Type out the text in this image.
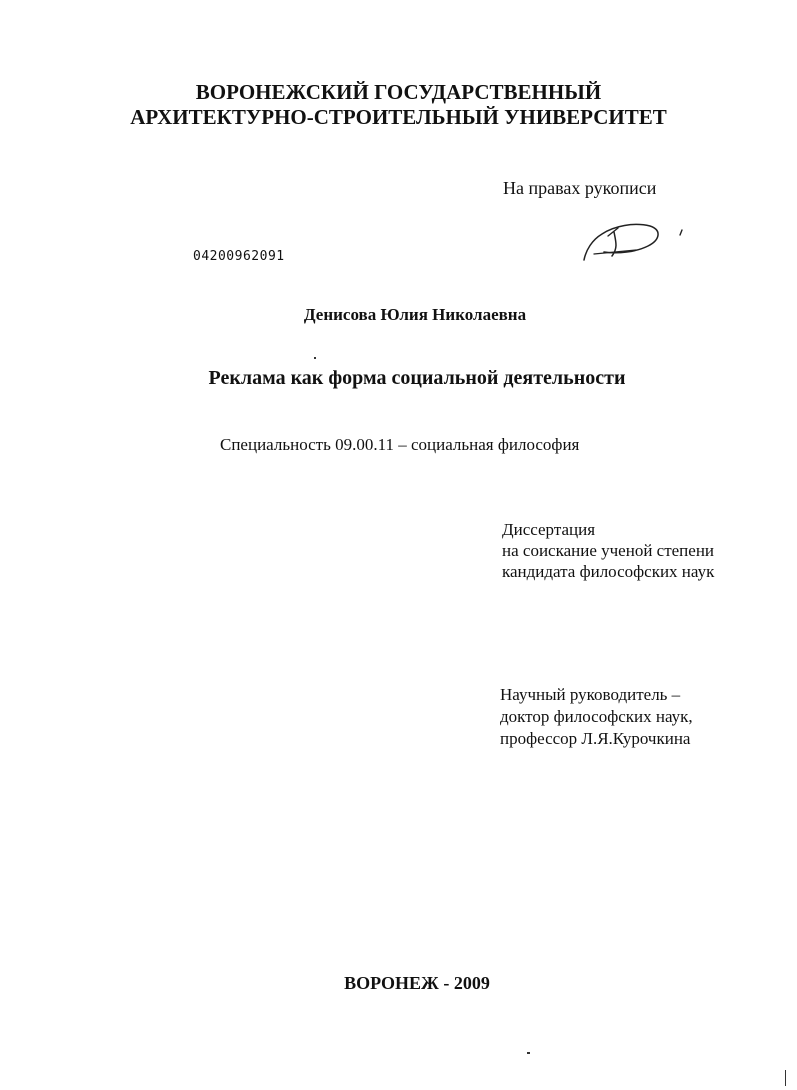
ВОРОНЕЖСКИЙ ГОСУДАРСТВЕННЫЙ
АРХИТЕКТУРНО-СТРОИТЕЛЬНЫЙ УНИВЕРСИТЕТ
На правах рукописи
04200962091
Денисова Юлия Николаевна
Реклама как форма социальной деятельности
Специальность 09.00.11 – социальная философия
Диссертация
на соискание ученой степени
кандидата философских наук
Научный руководитель –
доктор философских наук,
профессор Л.Я.Курочкина
ВОРОНЕЖ - 2009
